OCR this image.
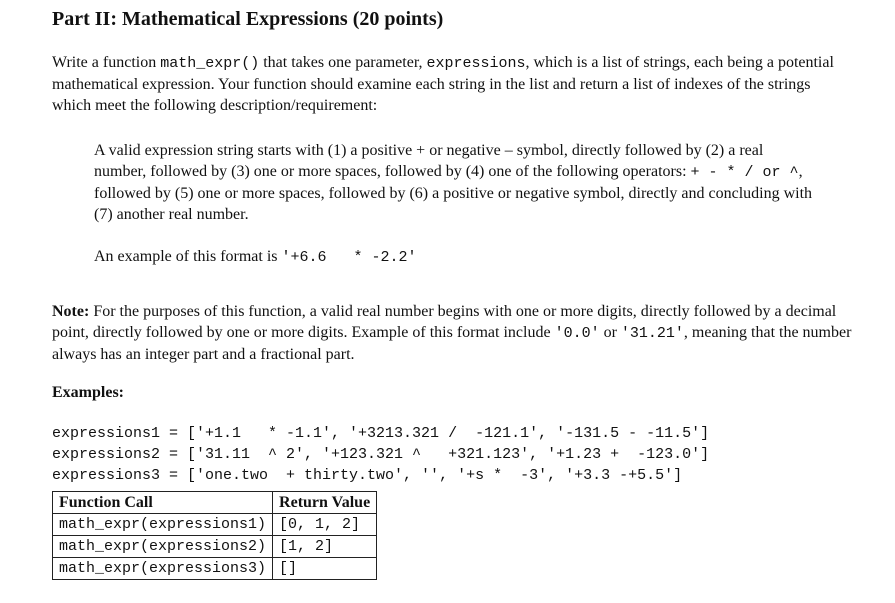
Part II: Mathematical Expressions (20 points)

Write a function math_expr() that takes one parameter, expressions, which is a list of strings, each being a potential mathematical expression. Your function should examine each string in the list and return a list of indexes of the strings which meet the following description/requirement:

A valid expression string starts with (1) a positive + or negative – symbol, directly followed by (2) a real number, followed by (3) one or more spaces, followed by (4) one of the following operators: + - * / or ^, followed by (5) one or more spaces, followed by (6) a positive or negative symbol, directly and concluding with (7) another real number.

An example of this format is '+6.6   * -2.2'

Note: For the purposes of this function, a valid real number begins with one or more digits, directly followed by a decimal point, directly followed by one or more digits. Example of this format include '0.0' or '31.21', meaning that the number always has an integer part and a fractional part.

Examples:

expressions1 = ['+1.1   * -1.1', '+3213.321 /  -121.1', '-131.5 - -11.5']
expressions2 = ['31.11  ^ 2', '+123.321 ^   +321.123', '+1.23 +  -123.0']
expressions3 = ['one.two  + thirty.two', '', '+s *  -3', '+3.3 -+5.5']
Function Call	Return Value
math_expr(expressions1)	[0, 1, 2]
math_expr(expressions2)	[1, 2]
math_expr(expressions3)	[]
